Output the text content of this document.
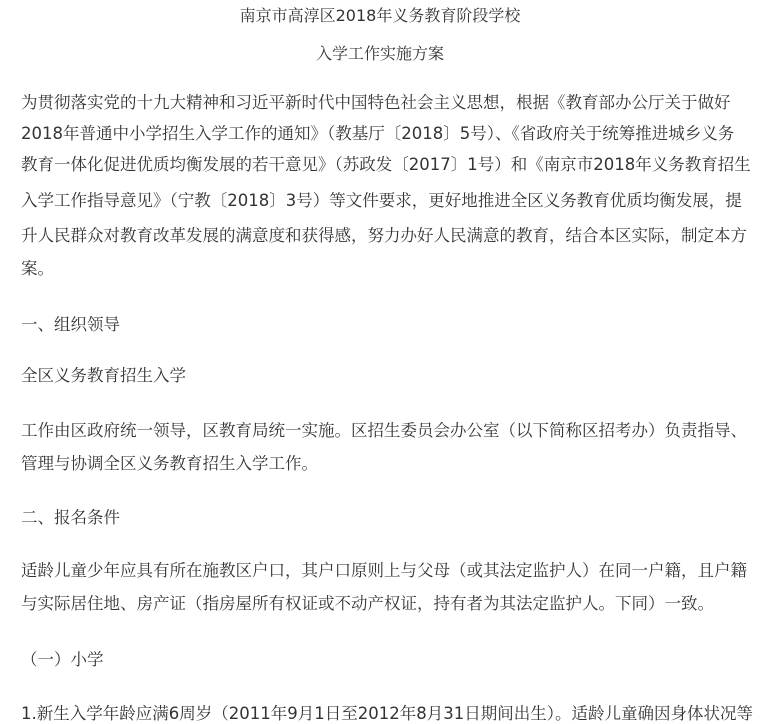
南京市高淳区2018年义务教育阶段学校
入学工作实施方案
为贯彻落实党的十九大精神和习近平新时代中国特色社会主义思想，根据《教育部办公厅关于做好
2018年普通中小学招生入学工作的通知》（教基厅〔2018〕5号）、《省政府关于统筹推进城乡义务
教育一体化促进优质均衡发展的若干意见》（苏政发〔2017〕1号）和《南京市2018年义务教育招生
入学工作指导意见》（宁教〔2018〕3号）等文件要求，更好地推进全区义务教育优质均衡发展，提
升人民群众对教育改革发展的满意度和获得感，努力办好人民满意的教育，结合本区实际，制定本方
案。
一、组织领导
全区义务教育招生入学
工作由区政府统一领导，区教育局统一实施。区招生委员会办公室（以下简称区招考办）负责指导、
管理与协调全区义务教育招生入学工作。
二、报名条件
适龄儿童少年应具有所在施教区户口，其户口原则上与父母（或其法定监护人）在同一户籍，且户籍
与实际居住地、房产证（指房屋所有权证或不动产权证，持有者为其法定监护人。下同）一致。
（一）小学
1.新生入学年龄应满6周岁（2011年9月1日至2012年8月31日期间出生）。适龄儿童确因身体状况等
